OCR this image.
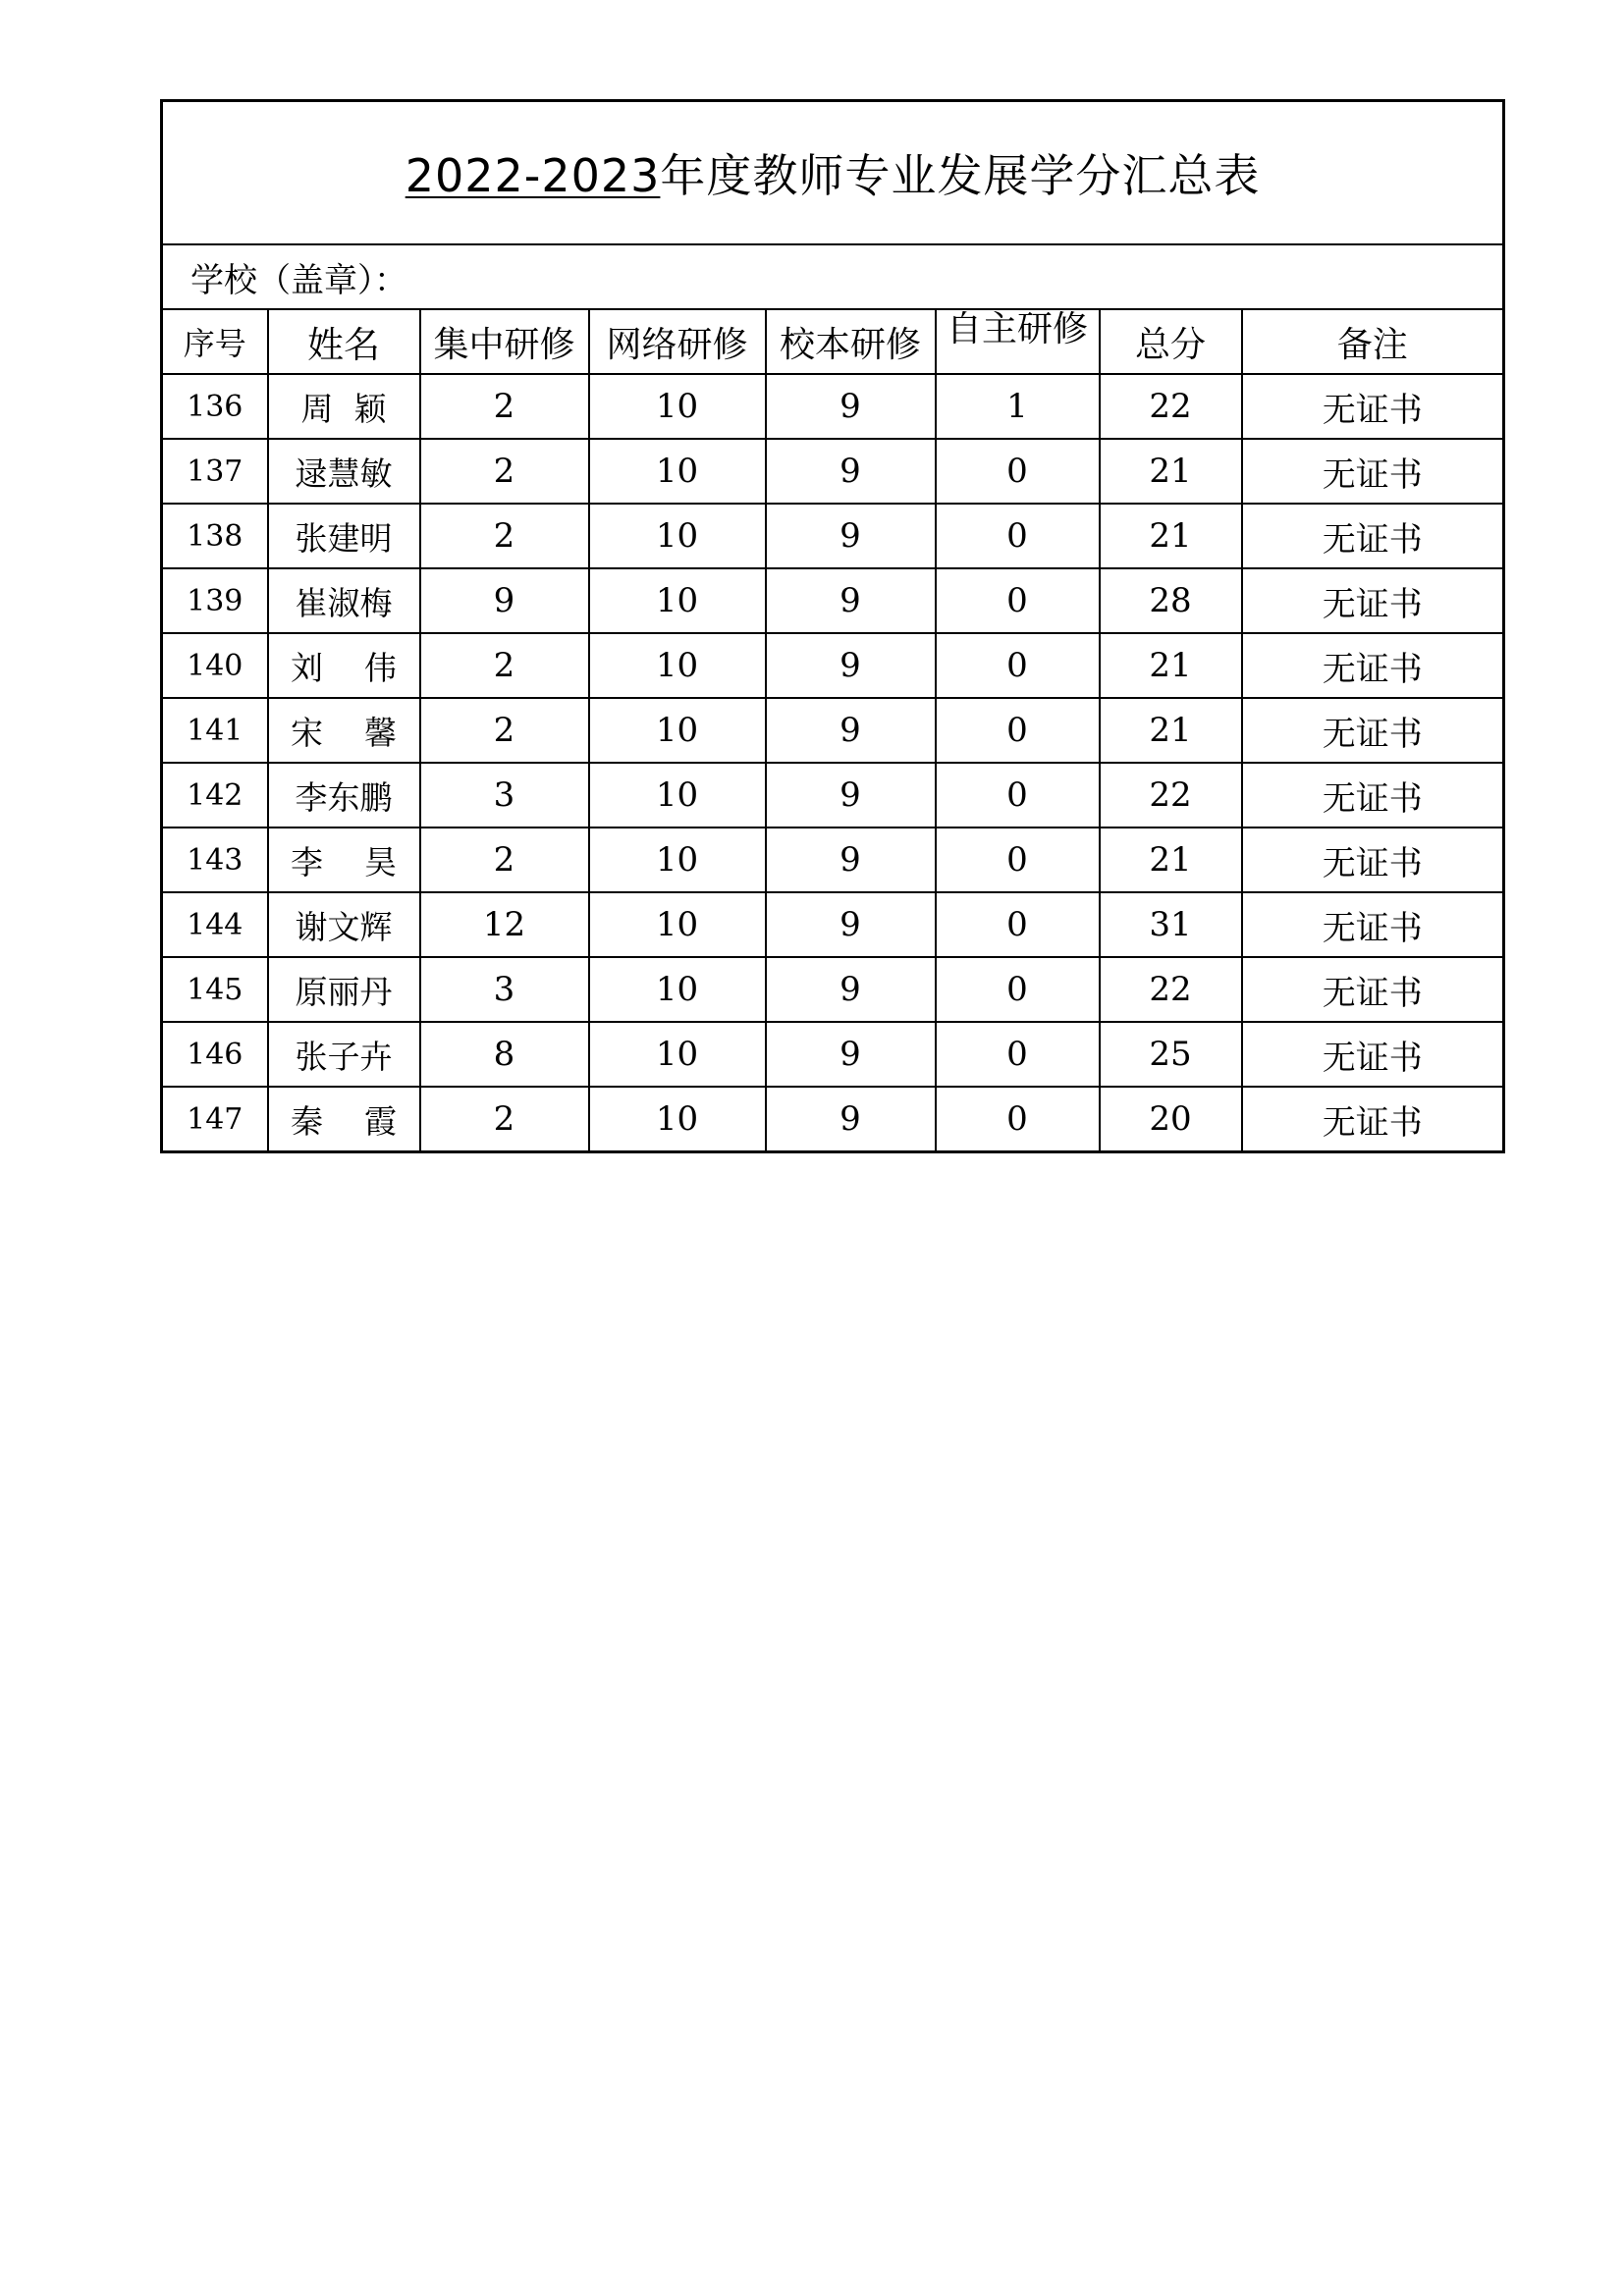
2022-2023年度教师专业发展学分汇总表							
学校（盖章）：							
序号	姓名	集中研修	网络研修	校本研修	自主研修	总分	备注
136	周  颖	2	10	9	1	22	无证书
137	逯慧敏	2	10	9	0	21	无证书
138	张建明	2	10	9	0	21	无证书
139	崔淑梅	9	10	9	0	28	无证书
140	刘    伟	2	10	9	0	21	无证书
141	宋    馨	2	10	9	0	21	无证书
142	李东鹏	3	10	9	0	22	无证书
143	李    昊	2	10	9	0	21	无证书
144	谢文辉	12	10	9	0	31	无证书
145	原丽丹	3	10	9	0	22	无证书
146	张子卉	8	10	9	0	25	无证书
147	秦    霞	2	10	9	0	20	无证书
